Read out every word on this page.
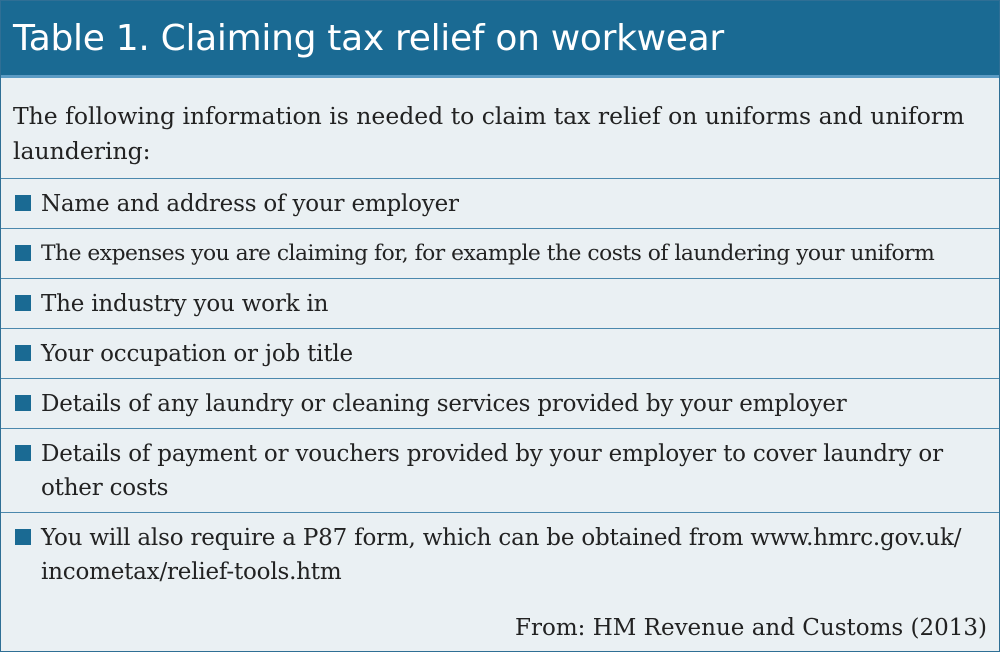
Table 1. Claiming tax relief on workwear
The following information is needed to claim tax relief on uniforms and uniform laundering:
Name and address of your employer
The expenses you are claiming for, for example the costs of laundering your uniform
The industry you work in
Your occupation or job title
Details of any laundry or cleaning services provided by your employer
Details of payment or vouchers provided by your employer to cover laundry or other costs
You will also require a P87 form, which can be obtained from www.hmrc.gov.uk/ incometax/relief-tools.htm
From: HM Revenue and Customs (2013)
